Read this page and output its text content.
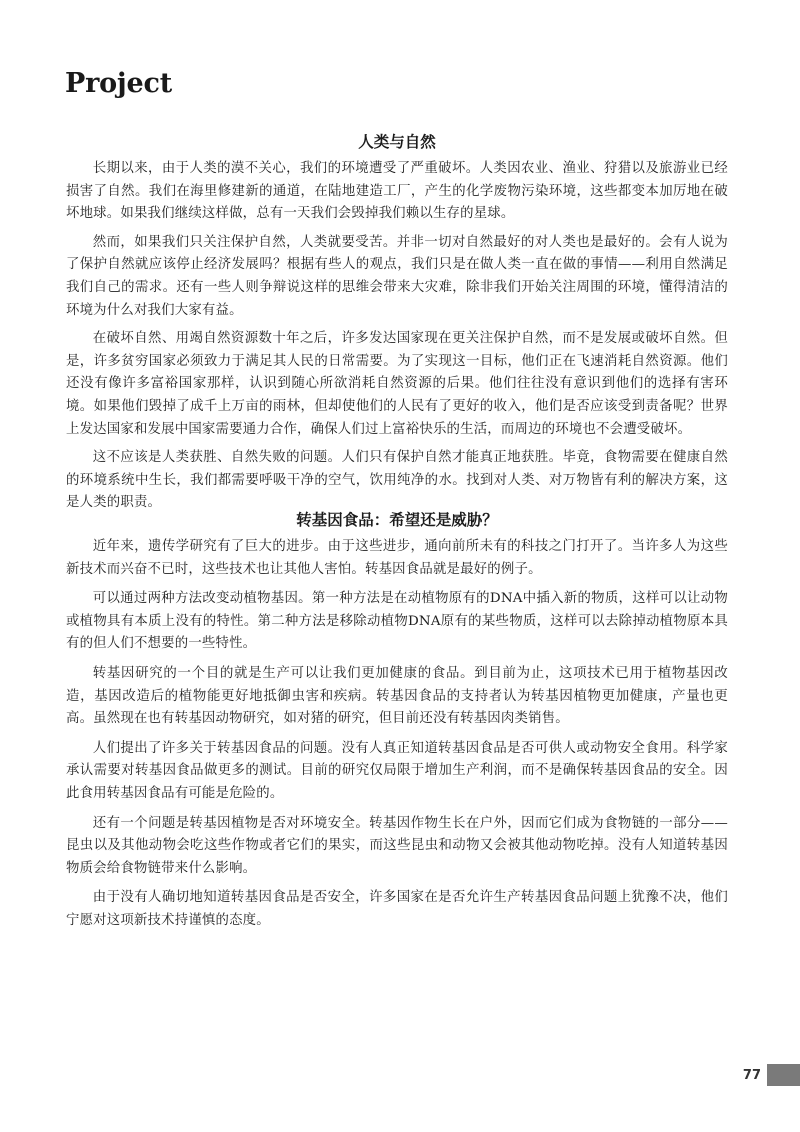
Project
人类与自然

长期以来，由于人类的漠不关心，我们的环境遭受了严重破坏。人类因农业、渔业、狩猎以及旅游业已经损害了自然。我们在海里修建新的通道，在陆地建造工厂，产生的化学废物污染环境，这些都变本加厉地在破坏地球。如果我们继续这样做，总有一天我们会毁掉我们赖以生存的星球。

然而，如果我们只关注保护自然，人类就要受苦。并非一切对自然最好的对人类也是最好的。会有人说为了保护自然就应该停止经济发展吗？根据有些人的观点，我们只是在做人类一直在做的事情——利用自然满足我们自己的需求。还有一些人则争辩说这样的思维会带来大灾难，除非我们开始关注周围的环境，懂得清洁的环境为什么对我们大家有益。

在破坏自然、用竭自然资源数十年之后，许多发达国家现在更关注保护自然，而不是发展或破坏自然。但是，许多贫穷国家必须致力于满足其人民的日常需要。为了实现这一目标，他们正在飞速消耗自然资源。他们还没有像许多富裕国家那样，认识到随心所欲消耗自然资源的后果。他们往往没有意识到他们的选择有害环境。如果他们毁掉了成千上万亩的雨林，但却使他们的人民有了更好的收入，他们是否应该受到责备呢？世界上发达国家和发展中国家需要通力合作，确保人们过上富裕快乐的生活，而周边的环境也不会遭受破坏。

这不应该是人类获胜、自然失败的问题。人们只有保护自然才能真正地获胜。毕竟，食物需要在健康自然的环境系统中生长，我们都需要呼吸干净的空气，饮用纯净的水。找到对人类、对万物皆有利的解决方案，这是人类的职责。

转基因食品：希望还是威胁？

近年来，遗传学研究有了巨大的进步。由于这些进步，通向前所未有的科技之门打开了。当许多人为这些新技术而兴奋不已时，这些技术也让其他人害怕。转基因食品就是最好的例子。

可以通过两种方法改变动植物基因。第一种方法是在动植物原有的DNA中插入新的物质，这样可以让动物或植物具有本质上没有的特性。第二种方法是移除动植物DNA原有的某些物质，这样可以去除掉动植物原本具有的但人们不想要的一些特性。

转基因研究的一个目的就是生产可以让我们更加健康的食品。到目前为止，这项技术已用于植物基因改造，基因改造后的植物能更好地抵御虫害和疾病。转基因食品的支持者认为转基因植物更加健康，产量也更高。虽然现在也有转基因动物研究，如对猪的研究，但目前还没有转基因肉类销售。

人们提出了许多关于转基因食品的问题。没有人真正知道转基因食品是否可供人或动物安全食用。科学家承认需要对转基因食品做更多的测试。目前的研究仅局限于增加生产利润，而不是确保转基因食品的安全。因此食用转基因食品有可能是危险的。

还有一个问题是转基因植物是否对环境安全。转基因作物生长在户外，因而它们成为食物链的一部分——昆虫以及其他动物会吃这些作物或者它们的果实，而这些昆虫和动物又会被其他动物吃掉。没有人知道转基因物质会给食物链带来什么影响。

由于没有人确切地知道转基因食品是否安全，许多国家在是否允许生产转基因食品问题上犹豫不决，他们宁愿对这项新技术持谨慎的态度。

77
